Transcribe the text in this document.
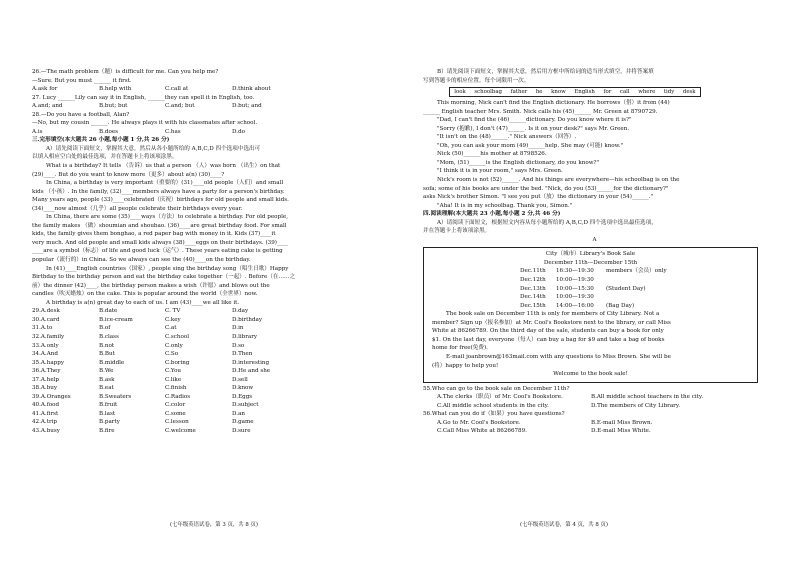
26.—The math problem（题）is difficult for me. Can you help me?
—Sure. But you must ______ it first.
A.ask for	B.help with	C.call at	D.think about
27. Lucy ______Lily can say it in English, ______they can spell it in English, too.
A.and; and	B.but; but	C.and; but	D.but; and
28.—Do you have a football, Alan?
—No, but my cousin ______. He always plays it with his classmates after school.
A.is	B.does	C.has	D.do
三.完形填空(本大题共 26 小题,每小题 1 分,共 26 分)
A）请先阅读下面短文，掌握其大意，然后从各小题所给的 A,B,C,D 四个选项中选出可
以填入相应空白处的最佳选项，并在答题卡上将该项涂黑。
What is a birthday? It tells （告诉）us that a person （人）was born （出生）on that
(29)____. But do you want to know more（更多）about a(n) (30)____?
In China, a birthday is very important（重要的）(31)____old people（人们）and small
kids （小孩）. In the family, (32)____members always have a party for a person's birthday.
Many years ago, people (33)____celebrated（庆祝）birthdays for old people and small kids.
(34)____now almost（几乎）all people celebrate their birthdays every year.
In China, there are some (35)____ways（方法）to celebrate a birthday. For old people,
the family makes （做）shoumian and shoubao. (36)____are great birthday food. For small
kids, the family gives them bonghao, a red paper bag with money in it. Kids (37)____it
very much. And old people and small kids always (38)____eggs on their birthdays. (39)____
____are a symbol（标志）of life and good luck（运气）. These years eating cake is getting
popular（流行的）in China. So we always can see the (40)____on the birthday.
In (41)____English countries（国家）, people sing the birthday song（唱生日歌）Happy
Birthday to the birthday person and eat the birthday cake together（一起）. Before（在……之
前）the dinner (42)____, the birthday person makes a wish（许愿）and blows out the
candles（吹灭蜡烛）on the cake. This is popular around the world（全世界）now.
A birthday is a(n) great day to each of us. I am (43)____we all like it.
29.A.desk	B.date	C. TV	D.day
30.A.card	B.ice-cream	C.key	D.birthday
31.A.to	B.of	C.at	D.in
32.A.family	B.class	C.school	D.library
33.A.only	B.not	C.only	D.so
34.A.And	B.But	C.So	D.Then
35.A.happy	B.middle	C.boring	D.interesting
36.A.They	B.We	C.You	D.He and she
37.A.help	B.ask	C.like	D.sell
38.A.buy	B.eat	C.finish	D.know
39.A.Oranges	B.Sweaters	C.Radios	D.Eggs
40.A.food	B.fruit	C.color	D.subject
41.A.first	B.last	C.some	D.an
42.A.trip	B.party	C.lesson	D.game
43.A.busy	B.fire	C.welcome	D.sure
(七年级英语试卷，第 3 页，共 8 页)
B）请先阅读下面短文，掌握其大意，然后用方框中所给词的适当形式填空，并将答案填
写到答题卡的相应位置。每个词限用一次。
look schoolbag father he know English for call where tidy desk
This morning, Nick can't find the English dictionary. He borrows（借）it from (44)
______ English teacher Mrs. Smith. Nick calls his (45)______ Mr. Green at 8790729.
"Dad, I can't find the (46)______dictionary. Do you know where it is?"
"Sorry (抱歉), I don't (47)______. Is it on your desk?" says Mr. Green.
"It isn't on the (48)______." Nick answers（回答）.
"Oh, you can ask your mom (49)______help. She may (可能) know."
Nick (50)______his mother at 8798526.
"Mom, (51)______is the English dictionary, do you know?"
"I think it is in your room," says Mrs. Green.
Nick's room is not (52)______. And his things are everywhere—his schoolbag is on the
sofa; some of his books are under the bed. "Nick, do you (53)______for the dictionary?"
asks Nick's brother Simon. "I see you put（放）the dictionary in your (54)______."
"Aha! It is in my schoolbag. Thank you, Simon."
四.阅读理解(本大题共 23 小题,每小题 2 分,共 46 分)
A）请阅读下面短文，根据短文内容从每小题所给的 A,B,C,D 四个选项中选出最佳选项，
并在答题卡上将该项涂黑。
A
City（城市）Library's Book Sale
December 11th—December 15th
Dec.11th	16:30—19:30	members（会员）only
Dec.12th	10:00—19:30
Dec.13th	10:00—15:30	(Student Day)
Dec.14th	10:00—19:30
Dec.15th	14:00—16:00	(Bag Day)
The book sale on December 11th is only for members of City Library. Not a
member? Sign up（报名参加）at Mr. Cool's Bookstore next to the library, or call Miss
White at 86266789. On the third day of the sale, students can buy a book for only
$1. On the last day, everyone（每人）can buy a bag for $9 and take a bag of books
home for free(免费).
E-mail joanbrown@163mail.com with any questions to Miss Brown. She will be
(将）happy to help you!
Welcome to the book sale!
55.Who can go to the book sale on December 11th?
A.The clerks（职员）of Mr. Cool's Bookstore.	B.All middle school teachers in the city.
C.All middle school students in the city.	D.The members of City Library.
56.What can you do if（如果）you have questions?
A.Go to Mr. Cool's Bookstore.	B.E-mail Miss Brown.
C.Call Miss White at 86266789.	D.E-mail Miss White.
(七年级英语试卷，第 4 页，共 8 页)
